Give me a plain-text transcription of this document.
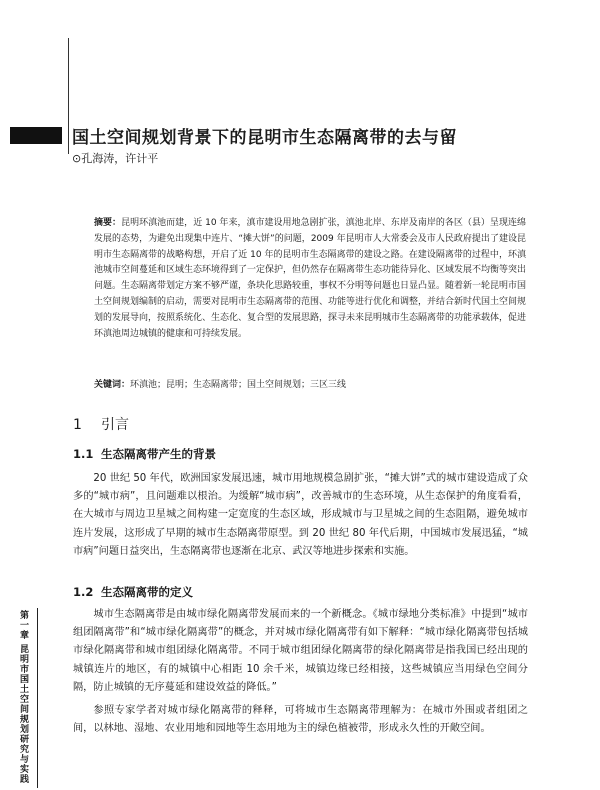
国土空间规划背景下的昆明市生态隔离带的去与留
⊙孔海涛，许计平

摘要：昆明环滇池而建，近 10 年来，滇市建设用地急剧扩张，滇池北岸、东岸及南岸的各区（县）呈现连绵发展的态势，为避免出现集中连片、“摊大饼”的问题，2009 年昆明市人大常委会及市人民政府提出了建设昆明市生态隔离带的战略构想，开启了近 10 年的昆明市生态隔离带的建设之路。在建设隔离带的过程中，环滇池城市空间蔓延和区域生态环境得到了一定保护，但仍然存在隔离带生态功能待异化、区域发展不均衡等突出问题。生态隔离带划定方案不够严谨，条块化思路较重，事权不分明等问题也日显凸显。随着新一轮昆明市国土空间规划编制的启动，需要对昆明市生态隔离带的范围、功能等进行优化和调整，并结合新时代国土空间规划的发展导向，按照系统化、生态化、复合型的发展思路，探寻未来昆明城市生态隔离带的功能承载体，促进环滇池周边城镇的健康和可持续发展。

关键词：环滇池；昆明；生态隔离带；国土空间规划；三区三线

1 引言
1.1 生态隔离带产生的背景

20 世纪 50 年代，欧洲国家发展迅速，城市用地规模急剧扩张，“摊大饼”式的城市建设造成了众多的“城市病”，且问题难以根治。为缓解“城市病”，改善城市的生态环境，从生态保护的角度看看，在大城市与周边卫星城之间构建一定宽度的生态区域，形成城市与卫星城之间的生态阻隔，避免城市连片发展，这形成了早期的城市生态隔离带原型。到 20 世纪 80 年代后期，中国城市发展迅猛，“城市病”问题日益突出，生态隔离带也逐渐在北京、武汉等地进步探索和实施。

1.2 生态隔离带的定义

城市生态隔离带是由城市绿化隔离带发展而来的一个新概念。《城市绿地分类标准》中提到“城市组团隔离带”和“城市绿化隔离带”的概念，并对城市绿化隔离带有如下解释：“城市绿化隔离带包括城市绿化隔离带和城市组团绿化隔离带。不同于城市组团绿化隔离带的绿化隔离带是指我国已经出现的城镇连片的地区，有的城镇中心相距 10 余千米，城镇边缘已经相接，这些城镇应当用绿色空间分隔，防止城镇的无序蔓延和建设效益的降低。”

参照专家学者对城市绿化隔离带的释释，可将城市生态隔离带理解为：在城市外围或者组团之间，以林地、湿地、农业用地和园地等生态用地为主的绿色植被带，形成永久性的开敞空间。

第一章 昆明市国土空间规划研究与实践
